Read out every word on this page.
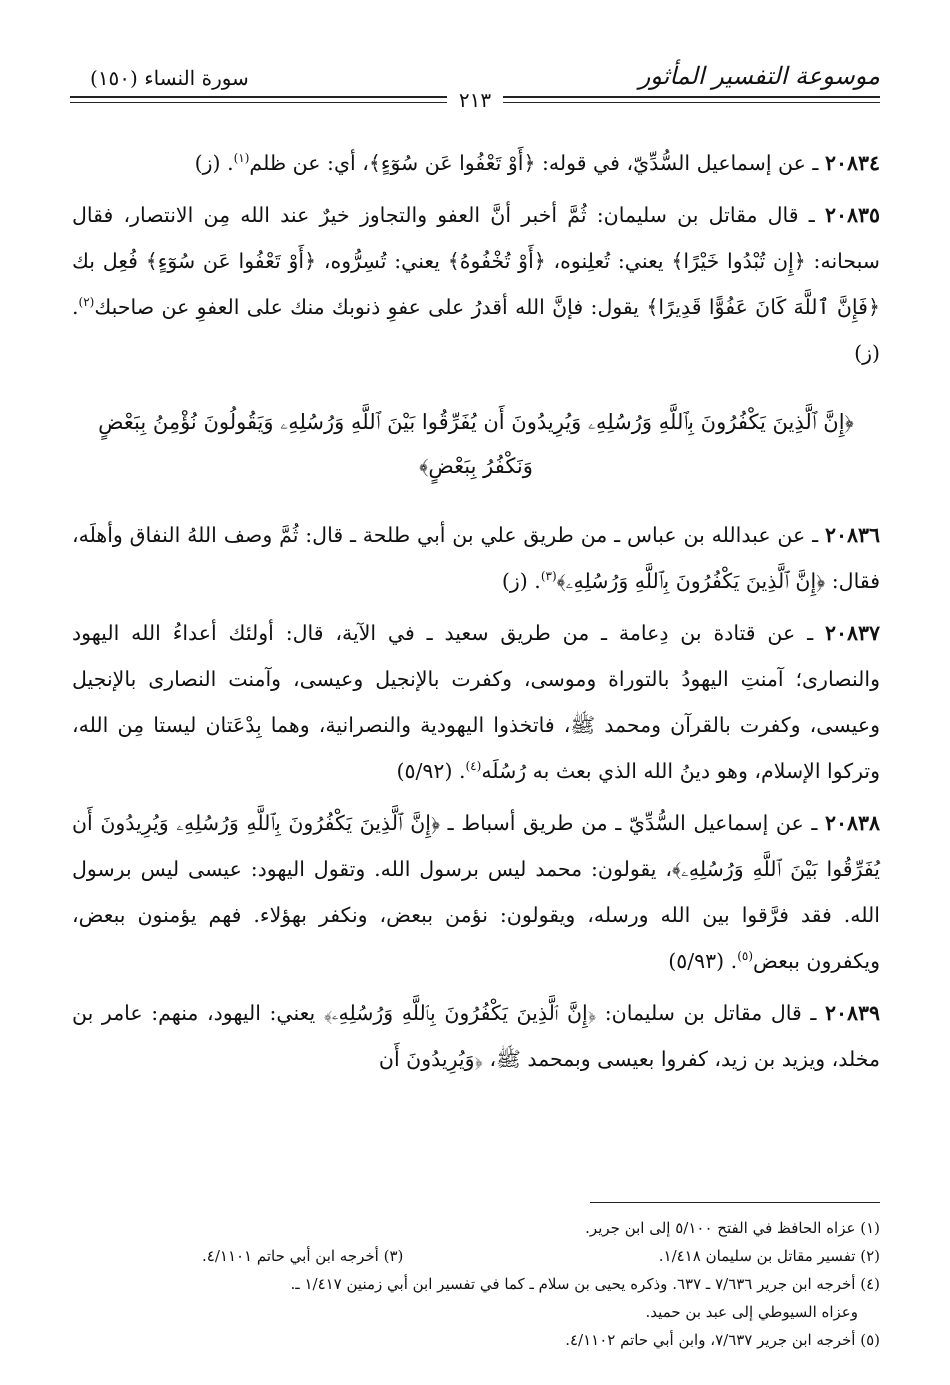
موسوعة التفسير المأثور
سورة النساء (١٥٠)
٢١٣

٢٠٨٣٤ ـ عن إسماعيل السُّدِّيّ، في قوله: ﴿أَوْ تَعْفُوا عَن سُوٓءٍ﴾، أي: عن ظلم$^{(١)}$. (ز)

٢٠٨٣٥ ـ قال مقاتل بن سليمان: ثُمَّ أخبر أنَّ العفو والتجاوز خيرٌ عند الله مِن الانتصار، فقال سبحانه: ﴿إِن تُبْدُوا خَيْرًا﴾ يعني: تُعلِنوه، ﴿أَوْ تُخْفُوهُ﴾ يعني: تُسِرُّوه، ﴿أَوْ تَعْفُوا عَن سُوٓءٍ﴾ فُعِل بك ﴿فَإِنَّ ٱللَّهَ كَانَ عَفُوًّا قَدِيرًا﴾ يقول: فإنَّ الله أقدرُ على عفوِ ذنوبك منك على العفوِ عن صاحبك$^{(٢)}$. (ز)

﴿إِنَّ ٱلَّذِينَ يَكْفُرُونَ بِٱللَّهِ وَرُسُلِهِۦ وَيُرِيدُونَ أَن يُفَرِّقُوا بَيْنَ ٱللَّهِ وَرُسُلِهِۦ وَيَقُولُونَ نُؤْمِنُ بِبَعْضٍ وَنَكْفُرُ بِبَعْضٍ﴾

٢٠٨٣٦ ـ عن عبدالله بن عباس ـ من طريق علي بن أبي طلحة ـ قال: ثُمَّ وصف اللهُ النفاق وأهلَه، فقال: ﴿إِنَّ ٱلَّذِينَ يَكْفُرُونَ بِٱللَّهِ وَرُسُلِهِۦ﴾$^{(٣)}$. (ز)

٢٠٨٣٧ ـ عن قتادة بن دِعامة ـ من طريق سعيد ـ في الآية، قال: أولئك أعداءُ الله اليهود والنصارى؛ آمنتِ اليهودُ بالتوراة وموسى، وكفرت بالإنجيل وعيسى، وآمنت النصارى بالإنجيل وعيسى، وكفرت بالقرآن ومحمد ﷺ، فاتخذوا اليهودية والنصرانية، وهما بِدْعَتان ليستا مِن الله، وتركوا الإسلام، وهو دينُ الله الذي بعث به رُسُلَه$^{(٤)}$. (٥/٩٢)

٢٠٨٣٨ ـ عن إسماعيل السُّدِّيّ ـ من طريق أسباط ـ ﴿إِنَّ ٱلَّذِينَ يَكْفُرُونَ بِٱللَّهِ وَرُسُلِهِۦ وَيُرِيدُونَ أَن يُفَرِّقُوا بَيْنَ ٱللَّهِ وَرُسُلِهِۦ﴾، يقولون: محمد ليس برسول الله. وتقول اليهود: عيسى ليس برسول الله. فقد فرَّقوا بين الله ورسله، ويقولون: نؤمن ببعض، ونكفر بهؤلاء. فهم يؤمنون ببعض، ويكفرون ببعض$^{(٥)}$. (٥/٩٣)

٢٠٨٣٩ ـ قال مقاتل بن سليمان: ﴿إِنَّ ٱلَّذِينَ يَكْفُرُونَ بِٱللَّهِ وَرُسُلِهِۦ﴾ يعني: اليهود، منهم: عامر بن مخلد، ويزيد بن زيد، كفروا بعيسى وبمحمد ﷺ، ﴿وَيُرِيدُونَ أَن

(١) عزاه الحافظ في الفتح ٥/١٠٠ إلى ابن جرير.

(٢) تفسير مقاتل بن سليمان ١/٤١٨.

(٣) أخرجه ابن أبي حاتم ٤/١١٠١.

(٤) أخرجه ابن جرير ٧/٦٣٦ ـ ٦٣٧. وذكره يحيى بن سلام ـ كما في تفسير ابن أبي زمنين ١/٤١٧ ـ.

وعزاه السيوطي إلى عبد بن حميد.

(٥) أخرجه ابن جرير ٧/٦٣٧، وابن أبي حاتم ٤/١١٠٢.
